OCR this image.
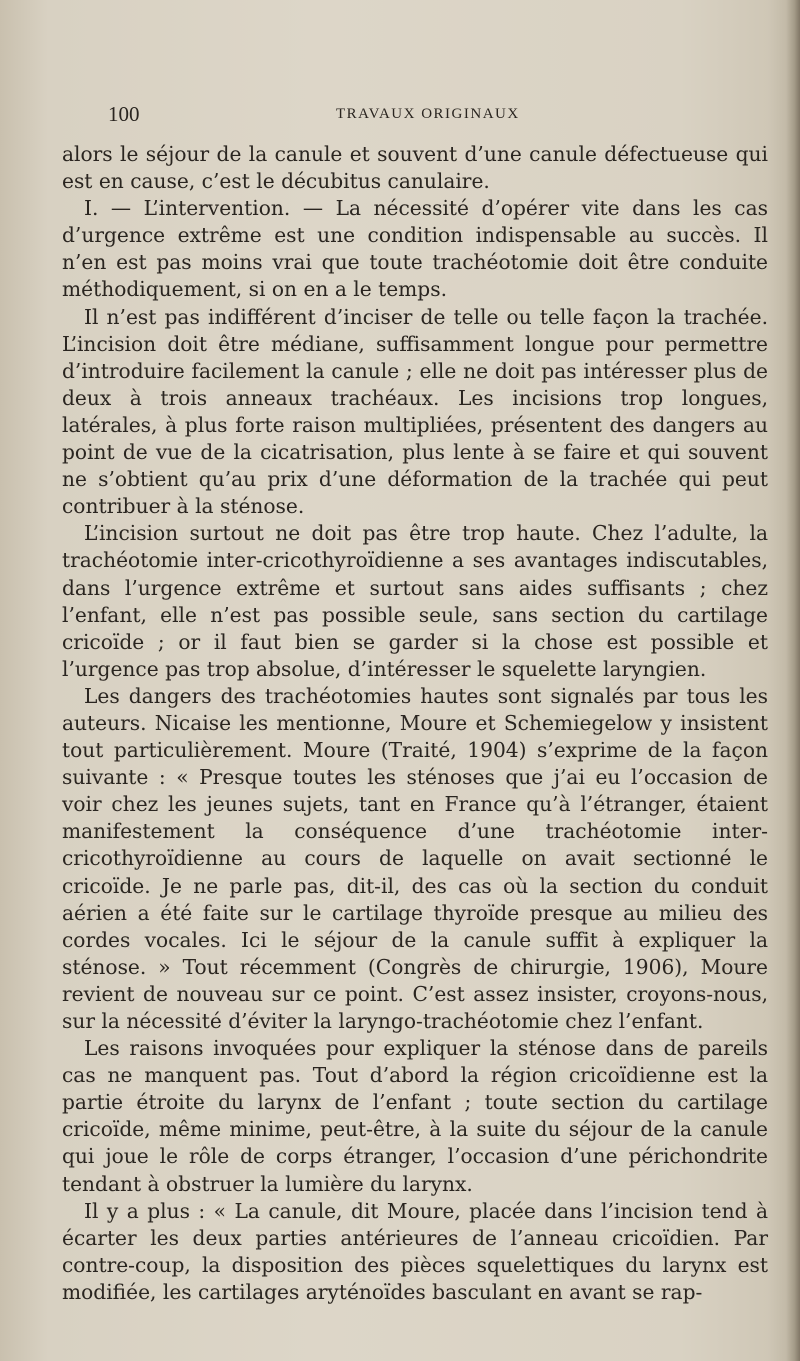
100	TRAVAUX ORIGINAUX

alors le séjour de la canule et souvent d’une canule défectueuse qui est en cause, c’est le décubitus canulaire.

I. — L’intervention. — La nécessité d’opérer vite dans les cas d’urgence extrême est une condition indispensable au succès. Il n’en est pas moins vrai que toute trachéotomie doit être conduite méthodiquement, si on en a le temps.

Il n’est pas indifférent d’inciser de telle ou telle façon la trachée. L’incision doit être médiane, suffisamment longue pour permettre d’introduire facilement la canule ; elle ne doit pas intéresser plus de deux à trois anneaux trachéaux. Les incisions trop longues, latérales, à plus forte raison multipliées, présentent des dangers au point de vue de la cicatrisation, plus lente à se faire et qui souvent ne s’obtient qu’au prix d’une déformation de la trachée qui peut contribuer à la sténose.

L’incision surtout ne doit pas être trop haute. Chez l’adulte, la trachéotomie inter-cricothyroïdienne a ses avantages indiscutables, dans l’urgence extrême et surtout sans aides suffisants ; chez l’enfant, elle n’est pas possible seule, sans section du cartilage cricoïde ; or il faut bien se garder si la chose est possible et l’urgence pas trop absolue, d’intéresser le squelette laryngien.

Les dangers des trachéotomies hautes sont signalés par tous les auteurs. Nicaise les mentionne, Moure et Schemiegelow y insistent tout particulièrement. Moure (Traité, 1904) s’exprime de la façon suivante : « Presque toutes les sténoses que j’ai eu l’occasion de voir chez les jeunes sujets, tant en France qu’à l’étranger, étaient manifestement la conséquence d’une trachéotomie inter-cricothyroïdienne au cours de laquelle on avait sectionné le cricoïde. Je ne parle pas, dit-il, des cas où la section du conduit aérien a été faite sur le cartilage thyroïde presque au milieu des cordes vocales. Ici le séjour de la canule suffit à expliquer la sténose. » Tout récemment (Congrès de chirurgie, 1906), Moure revient de nouveau sur ce point. C’est assez insister, croyons-nous, sur la nécessité d’éviter la laryngo-trachéotomie chez l’enfant.

Les raisons invoquées pour expliquer la sténose dans de pareils cas ne manquent pas. Tout d’abord la région cricoïdienne est la partie étroite du larynx de l’enfant ; toute section du cartilage cricoïde, même minime, peut-être, à la suite du séjour de la canule qui joue le rôle de corps étranger, l’occasion d’une périchondrite tendant à obstruer la lumière du larynx.

Il y a plus : « La canule, dit Moure, placée dans l’incision tend à écarter les deux parties antérieures de l’anneau cricoïdien. Par contre-coup, la disposition des pièces squelettiques du larynx est modifiée, les cartilages aryténoïdes basculant en avant se rap-
